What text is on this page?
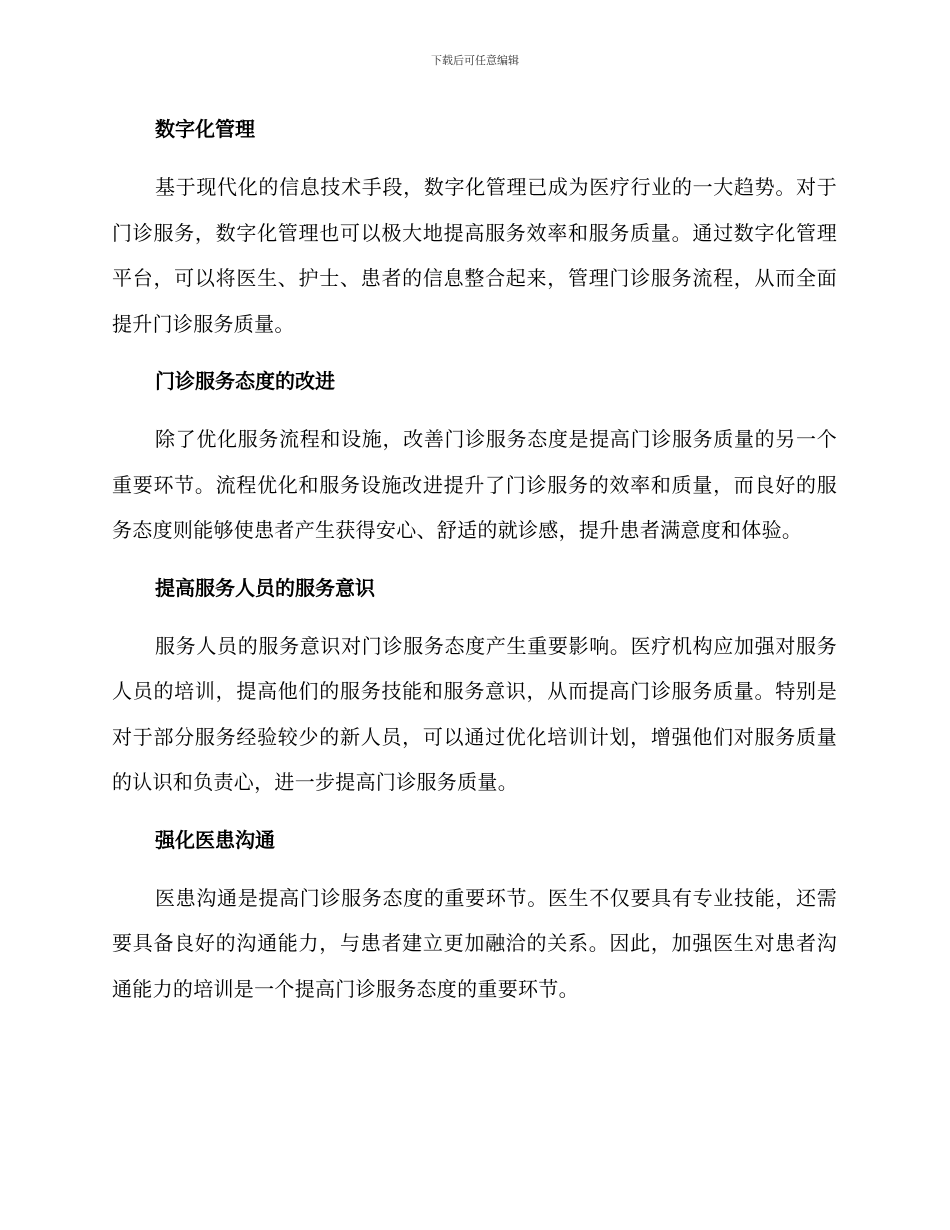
下载后可任意编辑
数字化管理

基于现代化的信息技术手段，数字化管理已成为医疗行业的一大趋势。对于门诊服务，数字化管理也可以极大地提高服务效率和服务质量。通过数字化管理平台，可以将医生、护士、患者的信息整合起来，管理门诊服务流程，从而全面提升门诊服务质量。

门诊服务态度的改进

除了优化服务流程和设施，改善门诊服务态度是提高门诊服务质量的另一个重要环节。流程优化和服务设施改进提升了门诊服务的效率和质量，而良好的服务态度则能够使患者产生获得安心、舒适的就诊感，提升患者满意度和体验。

提高服务人员的服务意识

服务人员的服务意识对门诊服务态度产生重要影响。医疗机构应加强对服务人员的培训，提高他们的服务技能和服务意识，从而提高门诊服务质量。特别是对于部分服务经验较少的新人员，可以通过优化培训计划，增强他们对服务质量的认识和负责心，进一步提高门诊服务质量。

强化医患沟通

医患沟通是提高门诊服务态度的重要环节。医生不仅要具有专业技能，还需要具备良好的沟通能力，与患者建立更加融洽的关系。因此，加强医生对患者沟通能力的培训是一个提高门诊服务态度的重要环节。
